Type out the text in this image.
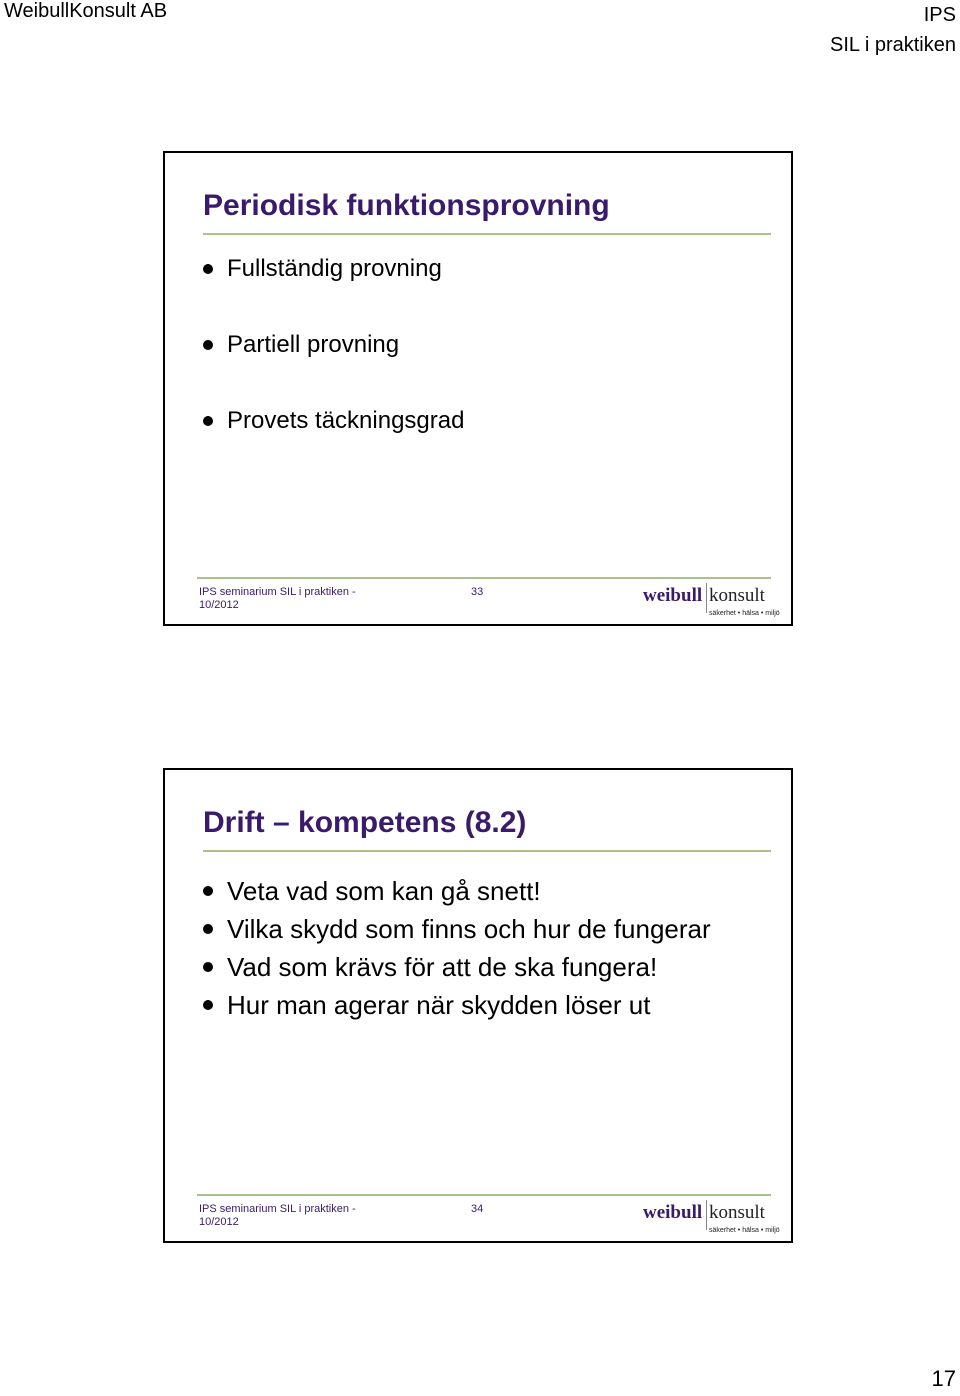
WeibullKonsult AB	IPS
SIL i praktiken
Periodisk funktionsprovning
Fullständig provning
Partiell provning
Provets täckningsgrad
IPS seminarium SIL i praktiken -
10/2012
33	weibull konsult
säkerhet • hälsa • miljö
Drift – kompetens (8.2)
Veta vad som kan gå snett!
Vilka skydd som finns och hur de fungerar
Vad som krävs för att de ska fungera!
Hur man agerar när skydden löser ut
IPS seminarium SIL i praktiken -
10/2012
34	weibull konsult
säkerhet • hälsa • miljö
17
